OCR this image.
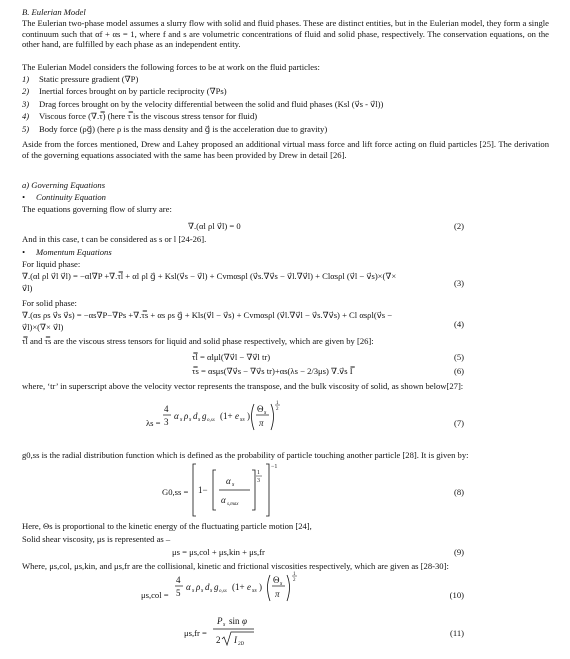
B. Eulerian Model
The Eulerian two-phase model assumes a slurry flow with solid and fluid phases. These are distinct entities, but in the Eulerian model, they form a single continuum such that αf + αs = 1, where f and s are volumetric concentrations of fluid and solid phase, respectively. The conservation equations, on the other hand, are fulfilled by each phase as an independent entity.
The Eulerian Model considers the following forces to be at work on the fluid particles:
1) Static pressure gradient (∇P)
2) Inertial forces brought on by particle reciprocity (∇Ps)
3) Drag forces brought on by the velocity differential between the solid and fluid phases (Ksl (v⃗s - v⃗l))
4) Viscous force (∇.τ̿) (here τ̿ is the viscous stress tensor for fluid)
5) Body force (ρg⃗) (here ρ is the mass density and g⃗ is the acceleration due to gravity)
Aside from the forces mentioned, Drew and Lahey proposed an additional virtual mass force and lift force acting on fluid particles [25]. The derivation of the governing equations associated with the same has been provided by Drew in detail [26].
a) Governing Equations
• Continuity Equation
The equations governing flow of slurry are:
∇.(αl ρl v⃗l) = 0	(2)
And in this case, t can be considered as s or l [24-26].
• Momentum Equations
For liquid phase:
∇.(αl ρl v⃗l v⃗l) = −αl∇P +∇.τ̿l + αl ρl g⃗ + Ksl(v⃗s − v⃗l) + Cvmαsρl (v⃗s.∇v⃗s − v⃗l.∇v⃗l) + Clαsρl (v⃗l − v⃗s)×(∇×
v⃗l)	(3)
For solid phase:
∇.(αs ρs v⃗s v⃗s) = −αs∇P−∇Ps +∇.τ̿s + αs ρs g⃗ + Kls(v⃗l − v⃗s) + Cvmαsρl (v⃗l.∇v⃗l − v⃗s.∇v⃗s) + Cl αsρl(v⃗s −
v⃗l)×(∇× v⃗l)	(4)
τ̿l and τ̿s are the viscous stress tensors for liquid and solid phase respectively, which are given by [26]:
τ̿l = αlμl(∇v⃗l − ∇v⃗l tr)	(5)
τ̿s = αsμs(∇v⃗s − ∇v⃗s tr)+αs(λs − 2/3μs) ∇.v⃗s I̿	(6)
where, ‘tr’ in superscript above the velocity vector represents the transpose, and the bulk viscosity of solid, as shown below[27]:
λs =
4
3
α s ρ s d s g o,ss (1+ e ss )
Θ s
π
1
2
(7)
g0,ss is the radial distribution function which is defined as the probability of particle touching another particle [28]. It is given by:
G0,ss = 1−
α s
α s,max
1
3
−1
(8)
Here, Θs is proportional to the kinetic energy of the fluctuating particle motion [24],
Solid shear viscosity, μs is represented as –
μs = μs,col + μs,kin + μs,fr	(9)
Where, μs,col, μs,kin, and μs,fr are the collisional, kinetic and frictional viscosities respectively, which are given as [28-30]:
μs,col =
4
5
α s ρ s d s g o,ss (1+ e ss )
Θ s
π
1
2
(10)
μs,fr =
P s sin φ
2 I 2D
(11)
